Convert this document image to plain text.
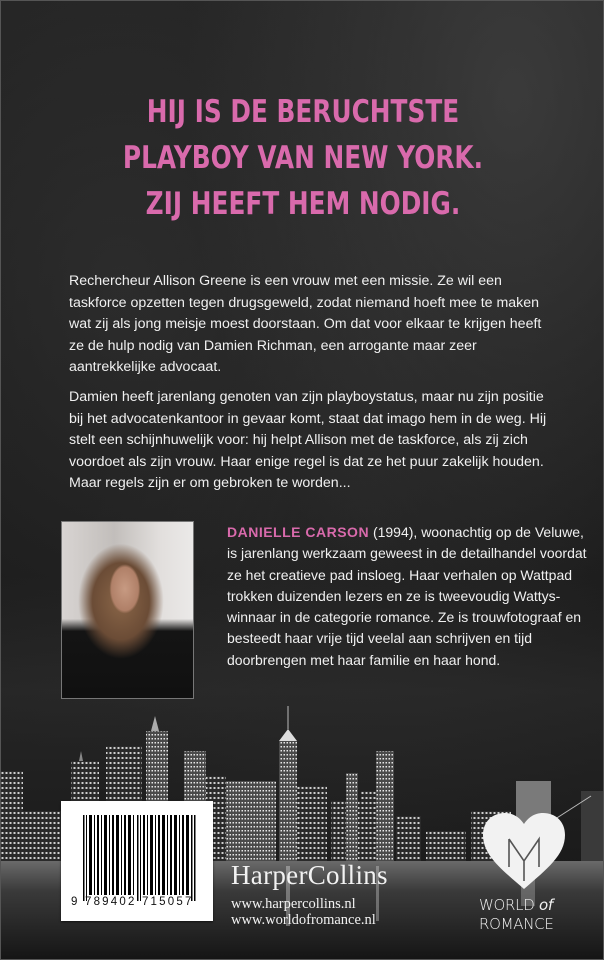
HIJ IS DE BERUCHTSTE
PLAYBOY VAN NEW YORK.
ZIJ HEEFT HEM NODIG.

Rechercheur Allison Greene is een vrouw met een missie. Ze wil een taskforce opzetten tegen drugsgeweld, zodat niemand hoeft mee te maken wat zij als jong meisje moest doorstaan. Om dat voor elkaar te krijgen heeft ze de hulp nodig van Damien Richman, een arrogante maar zeer aantrekkelijke advocaat.

Damien heeft jarenlang genoten van zijn playboystatus, maar nu zijn positie bij het advocatenkantoor in gevaar komt, staat dat imago hem in de weg. Hij stelt een schijnhuwelijk voor: hij helpt Allison met de taskforce, als zij zich voordoet als zijn vrouw. Haar enige regel is dat ze het puur zakelijk houden. Maar regels zijn er om gebroken te worden...

DANIELLE CARSON (1994), woonachtig op de Veluwe, is jarenlang werkzaam geweest in de detailhandel voordat ze het creatieve pad insloeg. Haar verhalen op Wattpad trokken duizenden lezers en ze is tweevoudig Wattys-winnaar in de categorie romance. Ze is trouwfotograaf en besteedt haar vrije tijd veelal aan schrijven en tijd doorbrengen met haar familie en haar hond.
9 789402 715057
HarperCollins
www.harpercollins.nl
www.worldofromance.nl
WORLD of
ROMANCE
